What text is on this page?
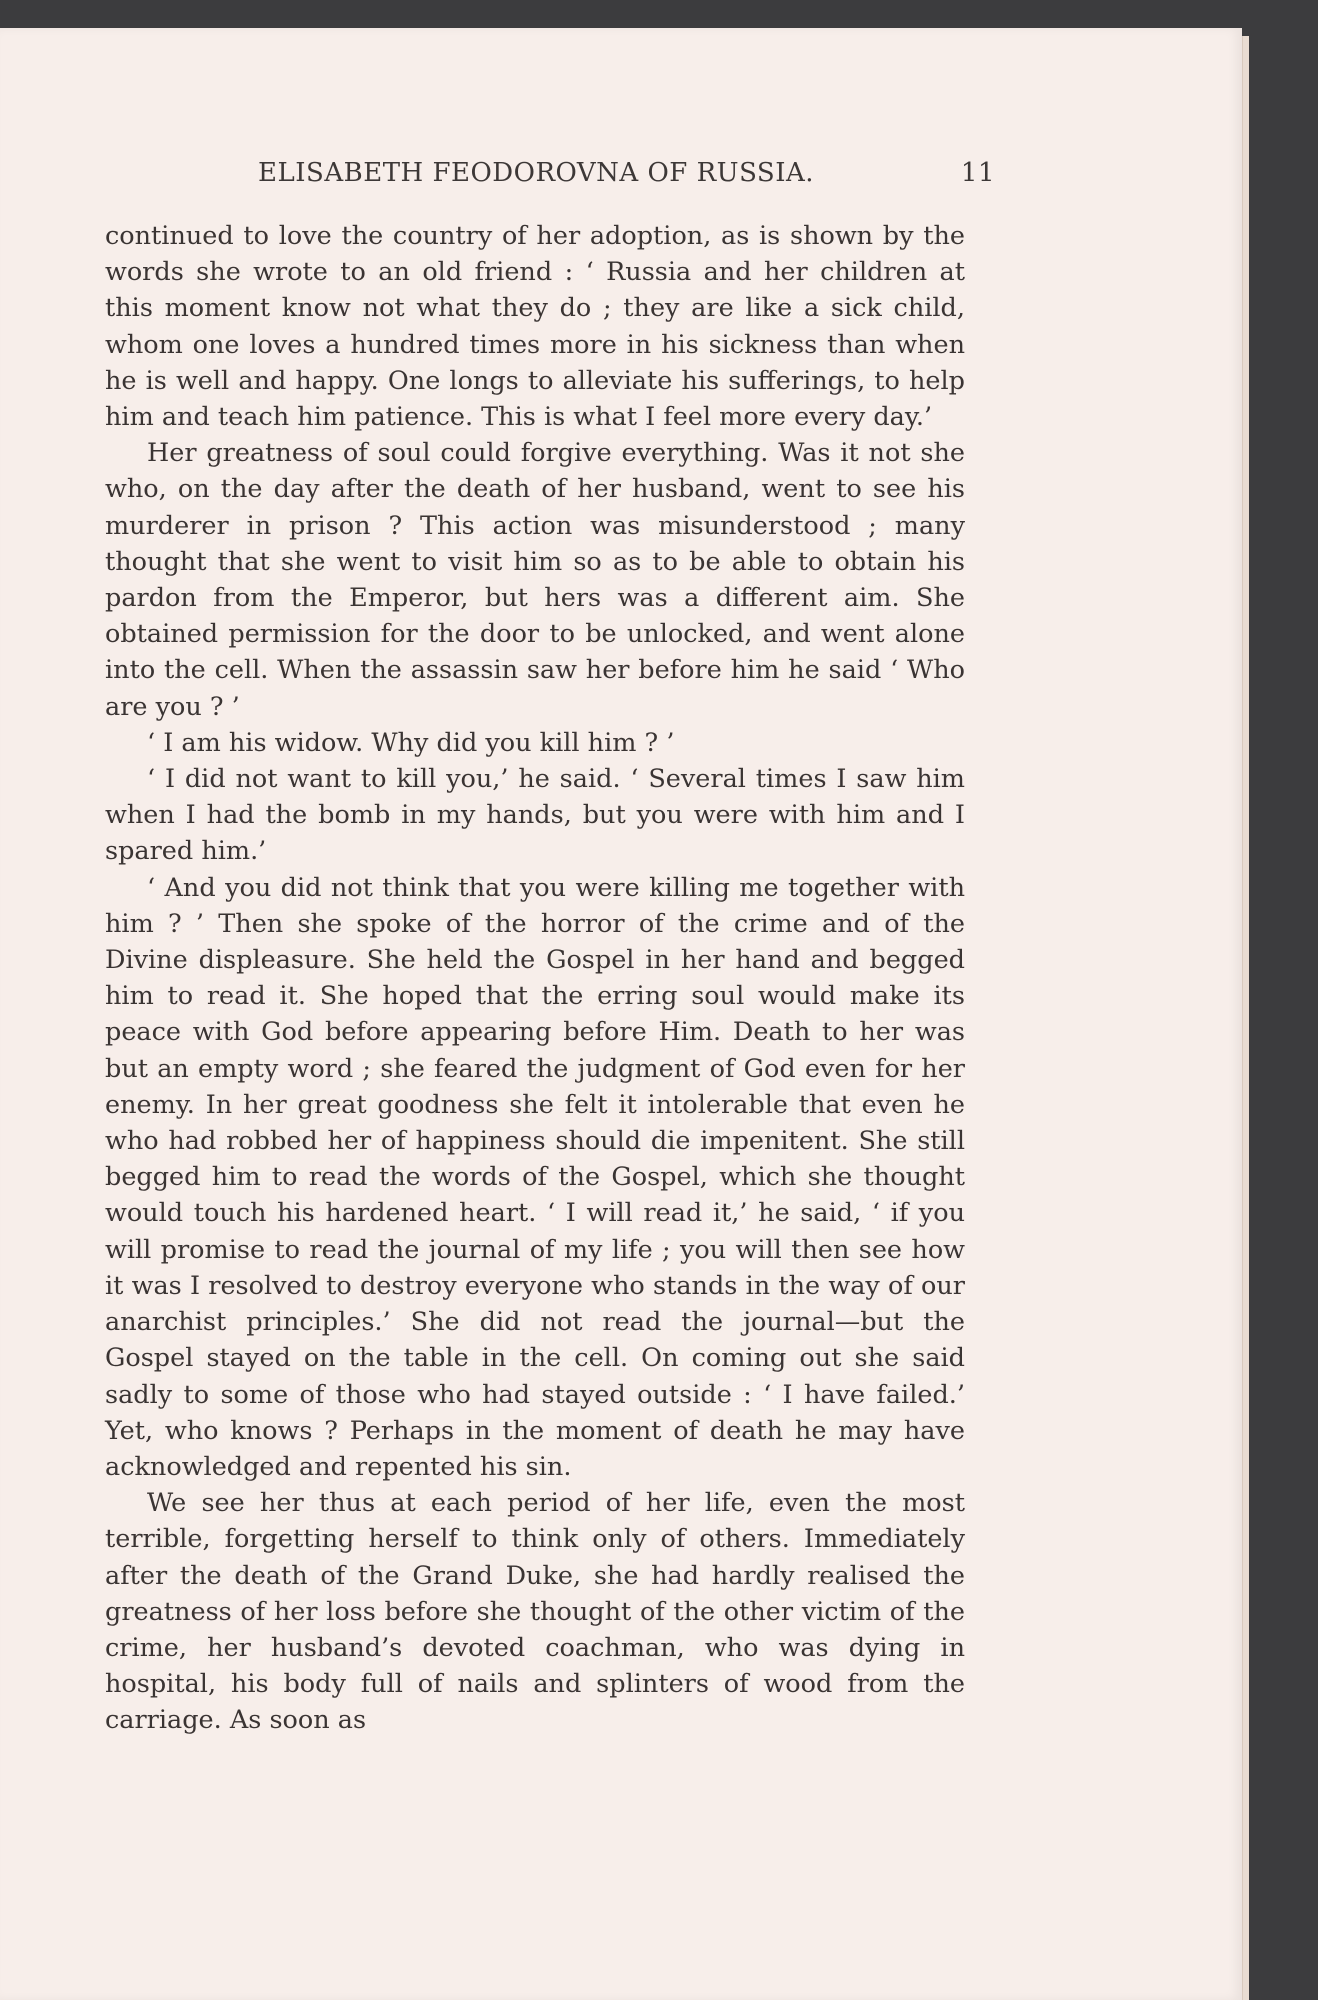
ELISABETH FEODOROVNA OF RUSSIA.	11

continued to love the country of her adoption, as is shown by the words she wrote to an old friend : ‘ Russia and her children at this moment know not what they do ; they are like a sick child, whom one loves a hundred times more in his sickness than when he is well and happy. One longs to alleviate his sufferings, to help him and teach him patience. This is what I feel more every day.’

Her greatness of soul could forgive everything. Was it not she who, on the day after the death of her husband, went to see his murderer in prison ? This action was misunderstood ; many thought that she went to visit him so as to be able to obtain his pardon from the Emperor, but hers was a different aim. She obtained permission for the door to be unlocked, and went alone into the cell. When the assassin saw her before him he said ‘ Who are you ? ’

‘ I am his widow. Why did you kill him ? ’

‘ I did not want to kill you,’ he said. ‘ Several times I saw him when I had the bomb in my hands, but you were with him and I spared him.’

‘ And you did not think that you were killing me together with him ? ’ Then she spoke of the horror of the crime and of the Divine displeasure. She held the Gospel in her hand and begged him to read it. She hoped that the erring soul would make its peace with God before appearing before Him. Death to her was but an empty word ; she feared the judgment of God even for her enemy. In her great goodness she felt it intolerable that even he who had robbed her of happiness should die impenitent. She still begged him to read the words of the Gospel, which she thought would touch his hardened heart. ‘ I will read it,’ he said, ‘ if you will promise to read the journal of my life ; you will then see how it was I resolved to destroy everyone who stands in the way of our anarchist principles.’ She did not read the journal—but the Gospel stayed on the table in the cell. On coming out she said sadly to some of those who had stayed outside : ‘ I have failed.’ Yet, who knows ? Perhaps in the moment of death he may have acknowledged and repented his sin.

We see her thus at each period of her life, even the most terrible, forgetting herself to think only of others. Immediately after the death of the Grand Duke, she had hardly realised the greatness of her loss before she thought of the other victim of the crime, her husband’s devoted coachman, who was dying in hospital, his body full of nails and splinters of wood from the carriage. As soon as
